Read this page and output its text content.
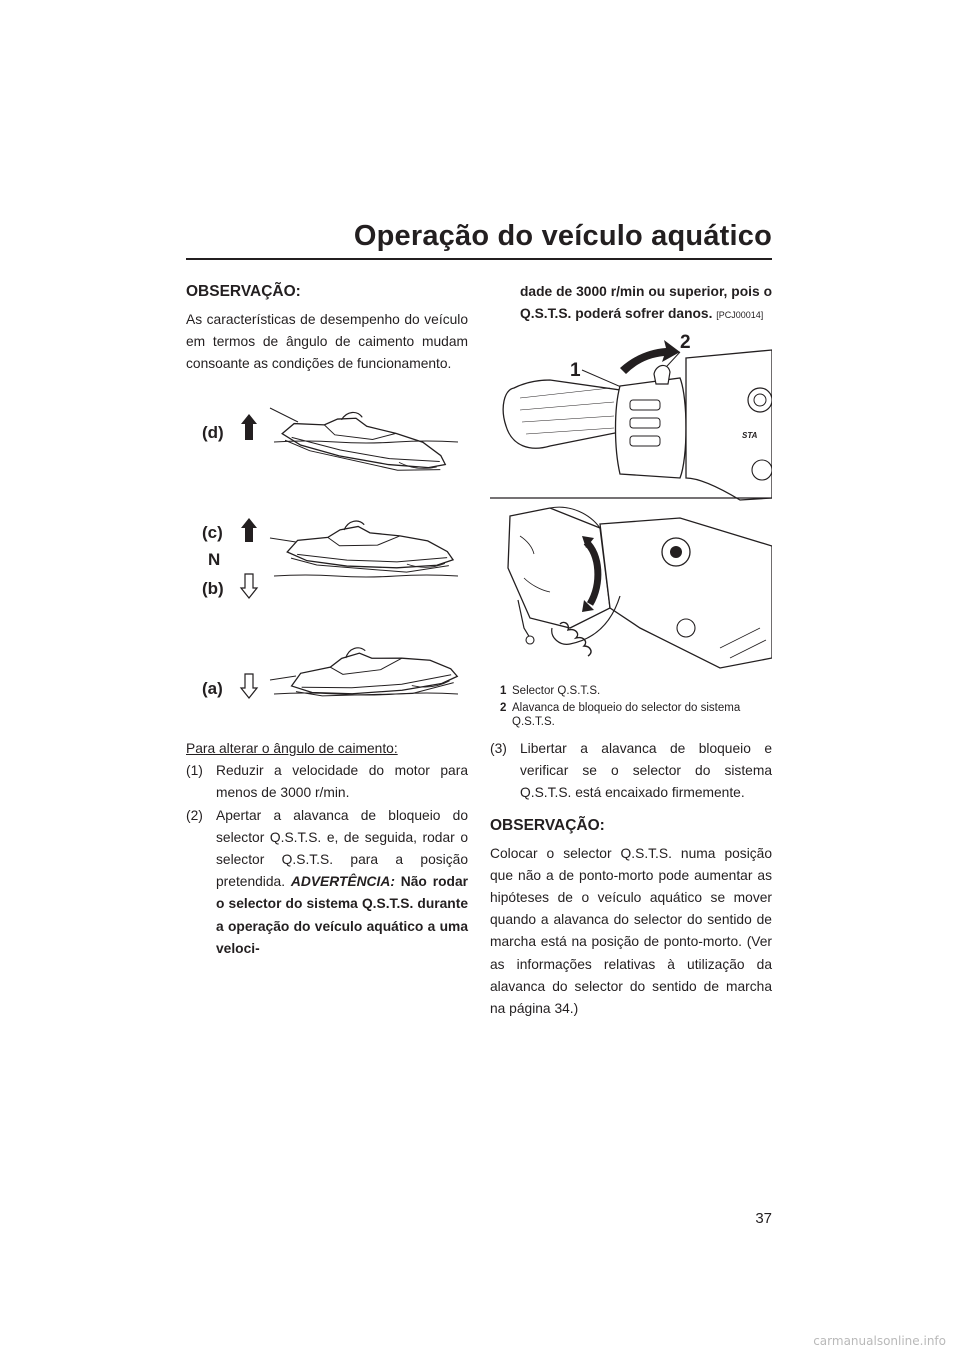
Operação do veículo aquático
OBSERVAÇÃO:

As características de desempenho do veículo em termos de ângulo de caimento mudam consoante as condições de funcionamento.

(d)
(c)
N
(b)
(a)
Para alterar o ângulo de caimento:
(1) Reduzir a velocidade do motor para menos de 3000 r/min.
(2) Apertar a alavanca de bloqueio do selector Q.S.T.S. e, de seguida, rodar o selector Q.S.T.S. para a posição pretendida. ADVERTÊNCIA: Não rodar o selector do sistema Q.S.T.S. durante a operação do veículo aquático a uma veloci-

dade de 3000 r/min ou superior, pois o Q.S.T.S. poderá sofrer danos. [PCJ00014]

1
2
STA
1 Selector Q.S.T.S.
2 Alavanca de bloqueio do selector do sistema Q.S.T.S.
(3) Libertar a alavanca de bloqueio e verificar se o selector do sistema Q.S.T.S. está encaixado firmemente.
OBSERVAÇÃO:

Colocar o selector Q.S.T.S. numa posição que não a de ponto-morto pode aumentar as hipóteses de o veículo aquático se mover quando a alavanca do selector do sentido de marcha está na posição de ponto-morto. (Ver as informações relativas à utilização da alavanca do selector do sentido de marcha na página 34.)

37
carmanualsonline.info
